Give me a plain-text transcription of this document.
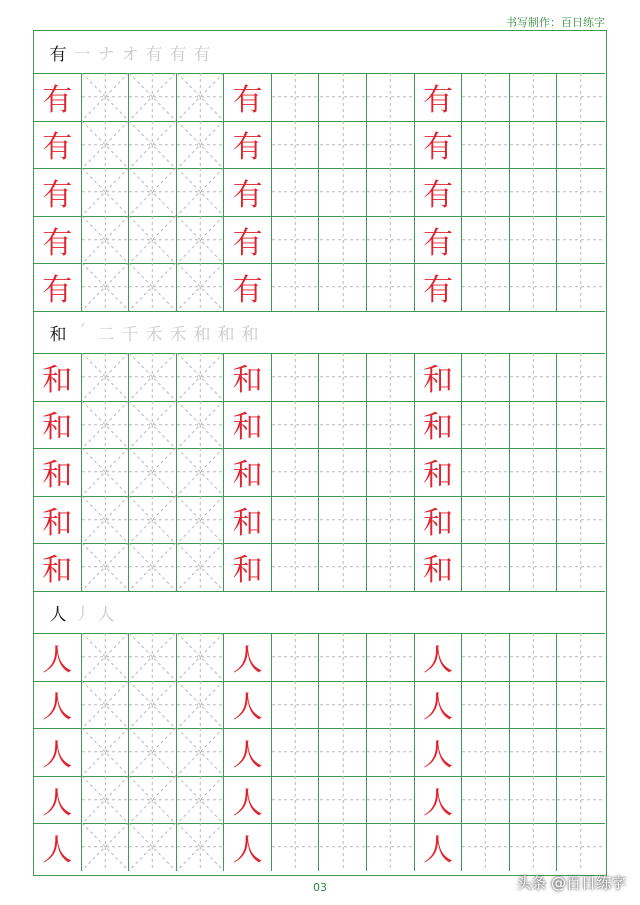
书写制作：百日练字
有 一 ナ オ 有 有 有
有	有	有
有	有	有
有	有	有
有	有	有
有	有	有
和 ˊ 二 千 禾 禾 和 和 和
和	和	和
和	和	和
和	和	和
和	和	和
和	和	和
人 丿 人
人	人	人
人	人	人
人	人	人
人	人	人
人	人	人
03	头条 @百日练字
